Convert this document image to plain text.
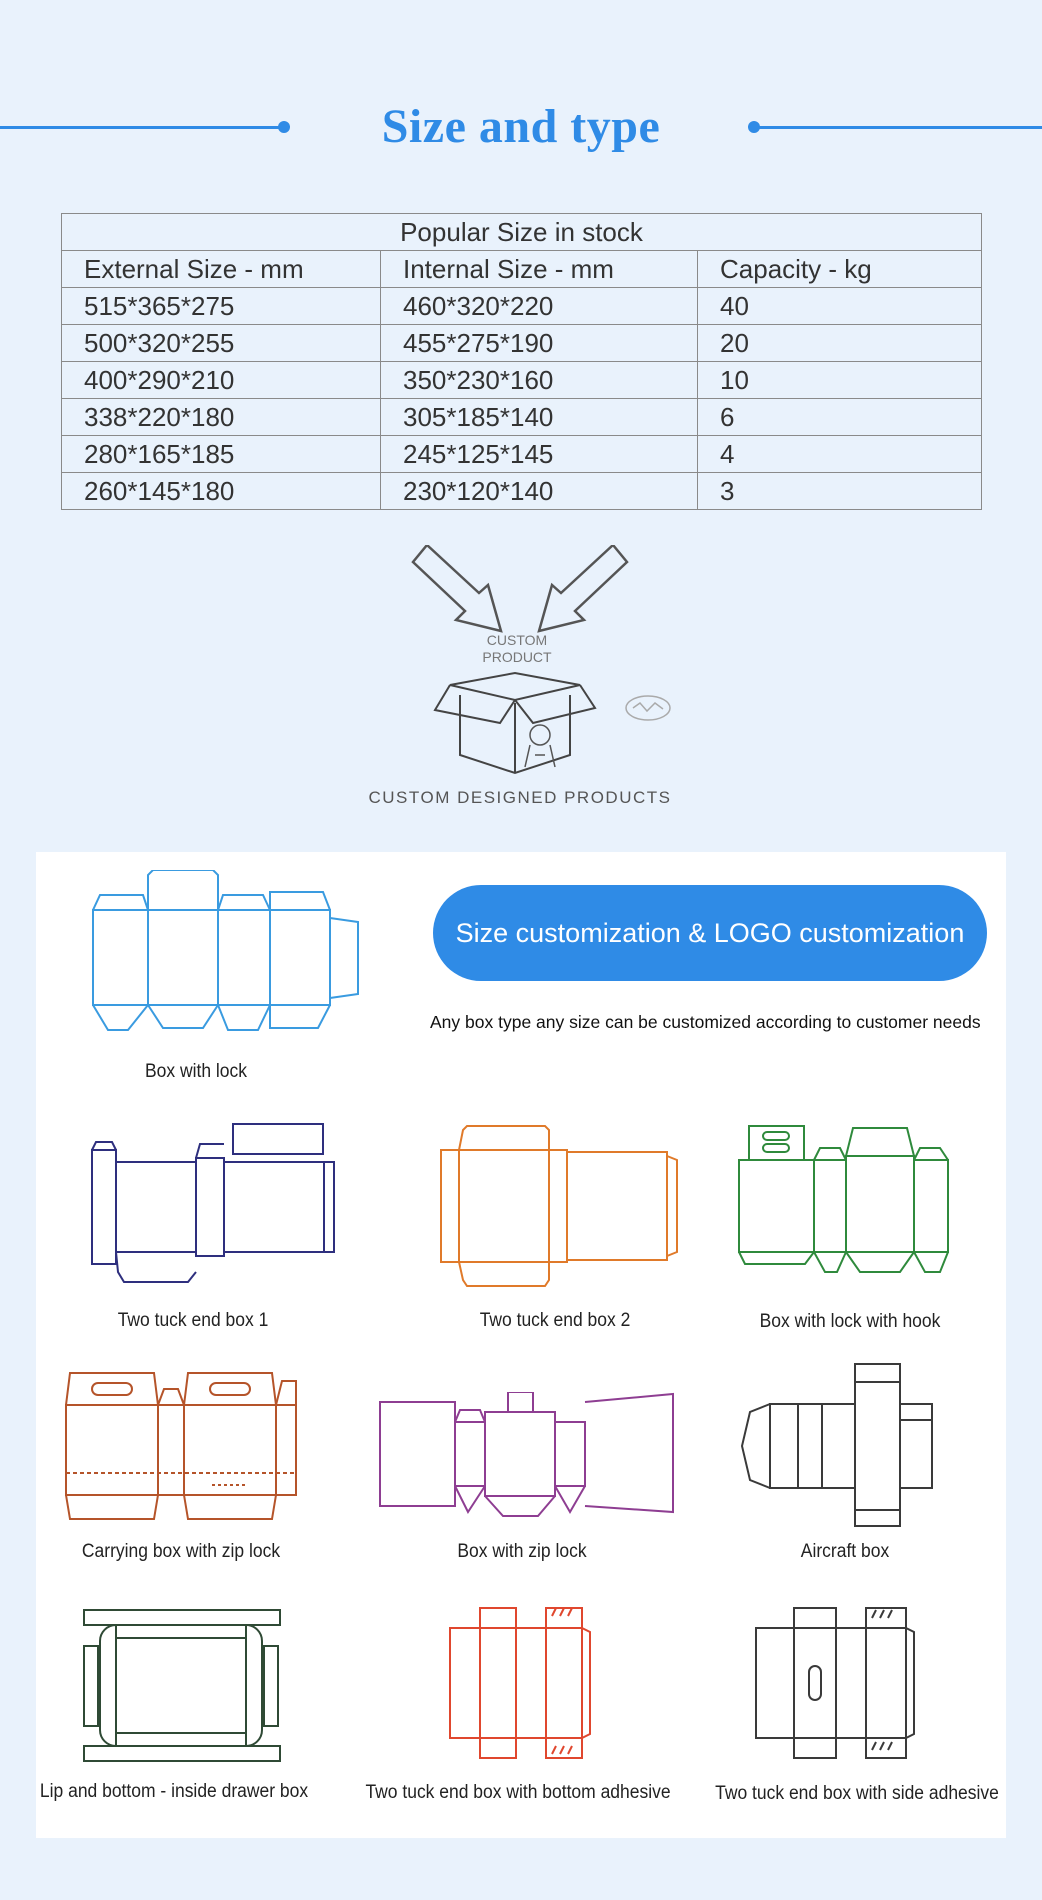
Size and type
Popular Size in stock		
External Size - mm	Internal Size - mm	Capacity - kg
515*365*275	460*320*220	40
500*320*255	455*275*190	20
400*290*210	350*230*160	10
338*220*180	305*185*140	6
280*165*185	245*125*145	4
260*145*180	230*120*140	3
CUSTOM
PRODUCT
CUSTOM DESIGNED PRODUCTS
Size customization & LOGO customization
Any box type any size can be customized according to customer needs
Box with lock
Two tuck end box 1	Two tuck end box 2	Box with lock with hook
Carrying box with zip lock	Box with zip lock	Aircraft box
Lip and bottom - inside drawer box	Two tuck end box with bottom adhesive Two tuck end box with side adhesive
